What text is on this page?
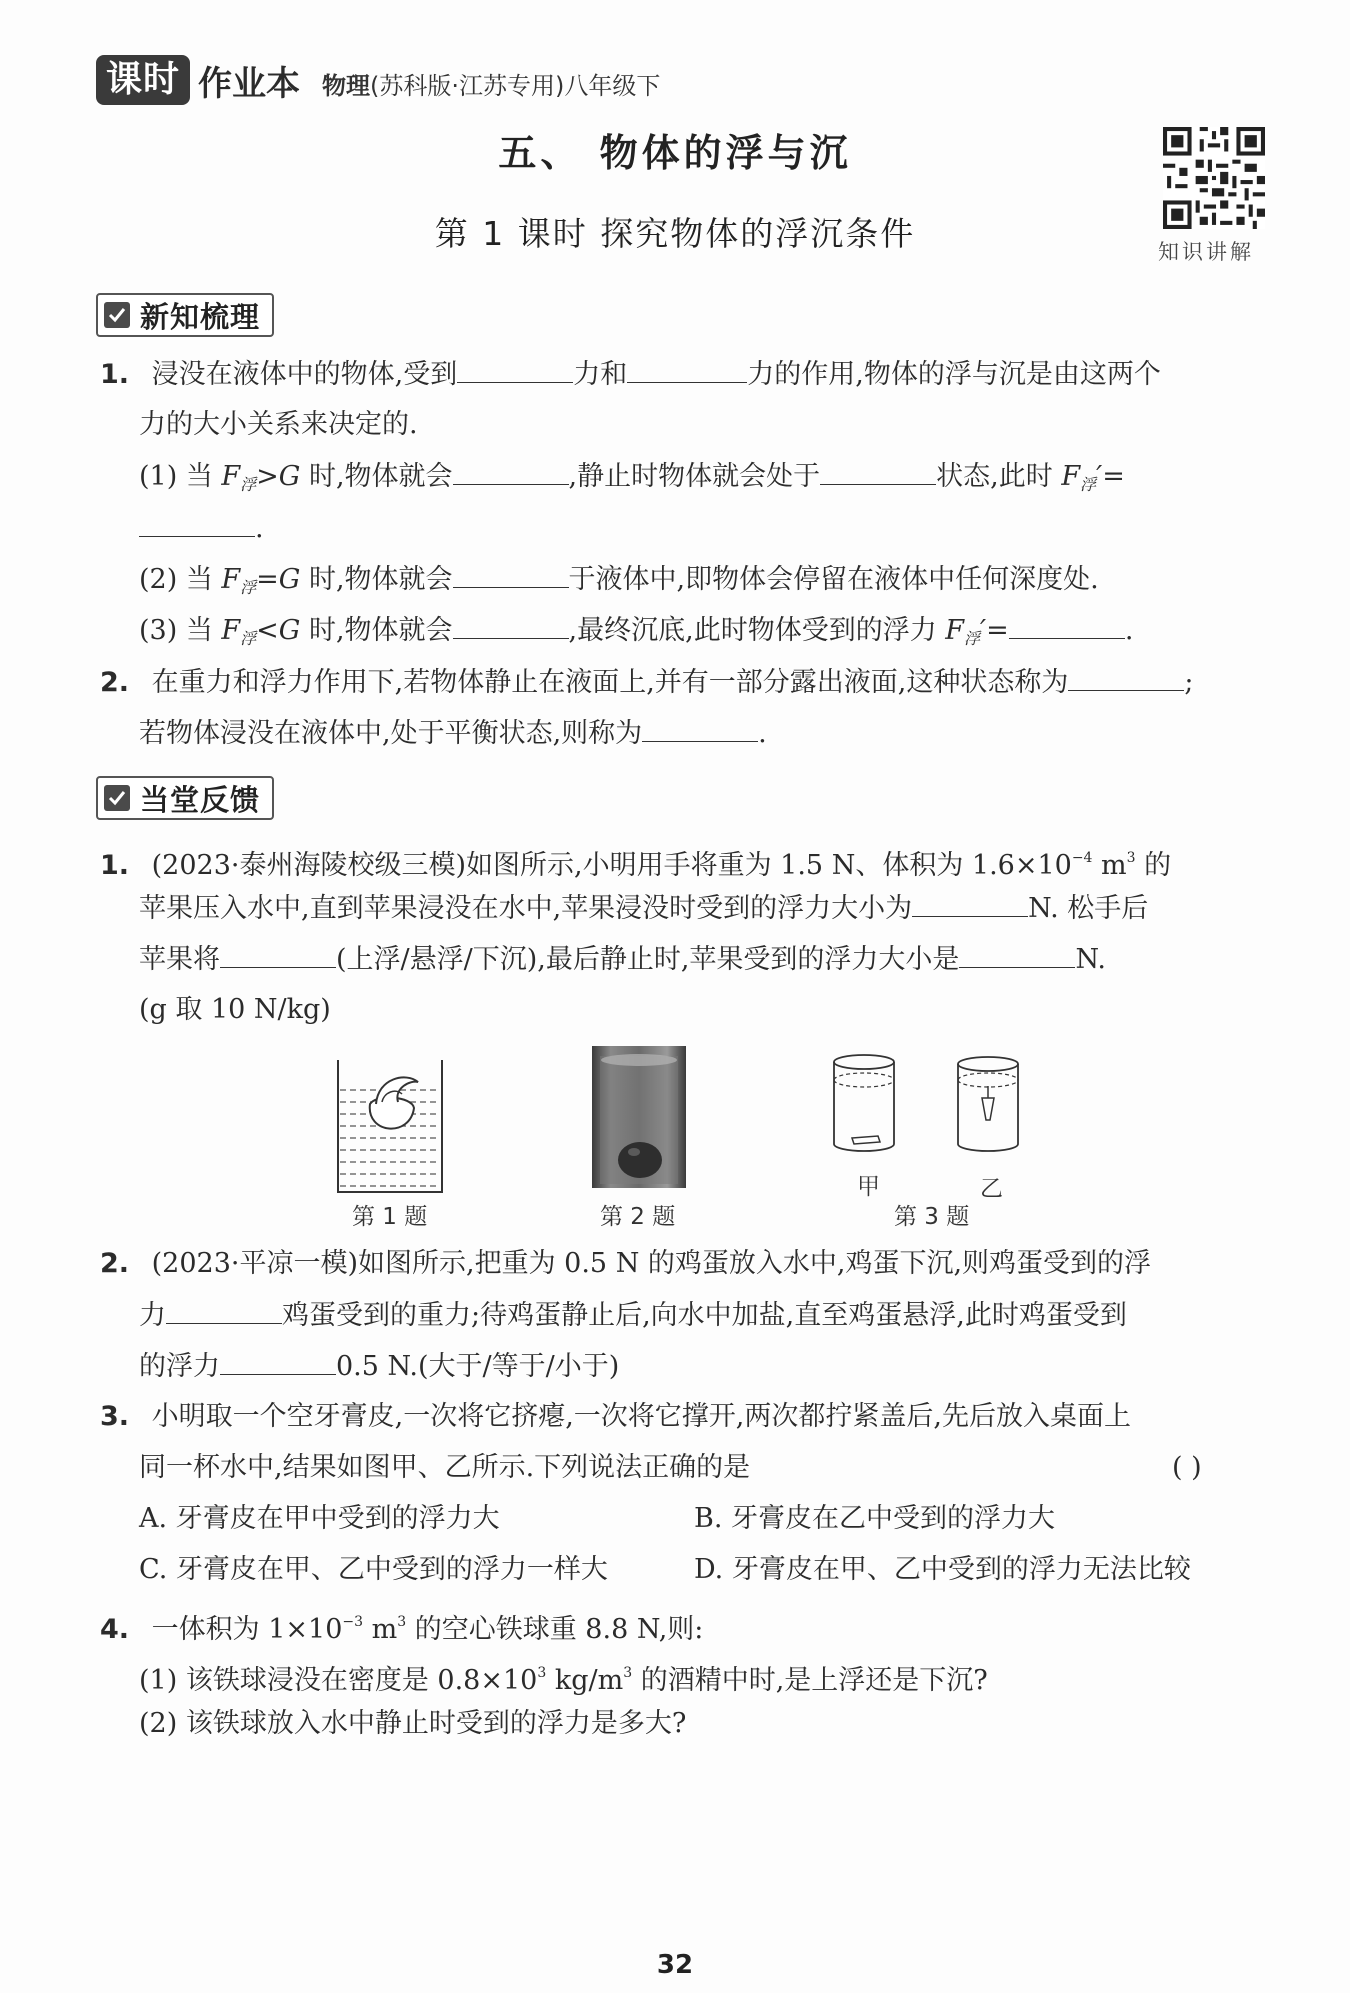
课时 作业本 物理(苏科版·江苏专用)八年级下
五、 物体的浮与沉
第 1 课时 探究物体的浮沉条件	知识讲解
新知梳理
1. 浸没在液体中的物体,受到	力和	力的作用,物体的浮与沉是由这两个
力的大小关系来决定的.
(1) 当 $F_浮>G$ 时,物体就会	,静止时物体就会处于	状态,此时 $F_浮'=$
.
(2) 当 $F_浮=G$ 时,物体就会	于液体中,即物体会停留在液体中任何深度处.
(3) 当 $F_浮<G$ 时,物体就会	,最终沉底,此时物体受到的浮力 $F_浮'=$	.
2. 在重力和浮力作用下,若物体静止在液面上,并有一部分露出液面,这种状态称为	;
若物体浸没在液体中,处于平衡状态,则称为	.
当堂反馈
1. (2023·泰州海陵校级三模)如图所示,小明用手将重为 1.5 N、体积为 $1.6\times 10^{-4}$ $m^3$ 的
苹果压入水中,直到苹果浸没在水中,苹果浸没时受到的浮力大小为	N. 松手后
苹果将	(上浮/悬浮/下沉),最后静止时,苹果受到的浮力大小是	N.
(g 取 10 N/kg)
第 1 题	第 2 题
甲	乙
第 3 题
2. (2023·平凉一模)如图所示,把重为 0.5 N 的鸡蛋放入水中,鸡蛋下沉,则鸡蛋受到的浮
力	鸡蛋受到的重力;待鸡蛋静止后,向水中加盐,直至鸡蛋悬浮,此时鸡蛋受到
的浮力	0.5 N.(大于/等于/小于)
3. 小明取一个空牙膏皮,一次将它挤瘪,一次将它撑开,两次都拧紧盖后,先后放入桌面上
同一杯水中,结果如图甲、乙所示.下列说法正确的是	( )
A. 牙膏皮在甲中受到的浮力大	B. 牙膏皮在乙中受到的浮力大
C. 牙膏皮在甲、乙中受到的浮力一样大	D. 牙膏皮在甲、乙中受到的浮力无法比较
4. 一体积为 $1\times 10^{-3}$ $m^3$ 的空心铁球重 8.8 N,则:
(1) 该铁球浸没在密度是 $0.8\times 10^3$ $kg/m^3$ 的酒精中时,是上浮还是下沉?
(2) 该铁球放入水中静止时受到的浮力是多大?
32
